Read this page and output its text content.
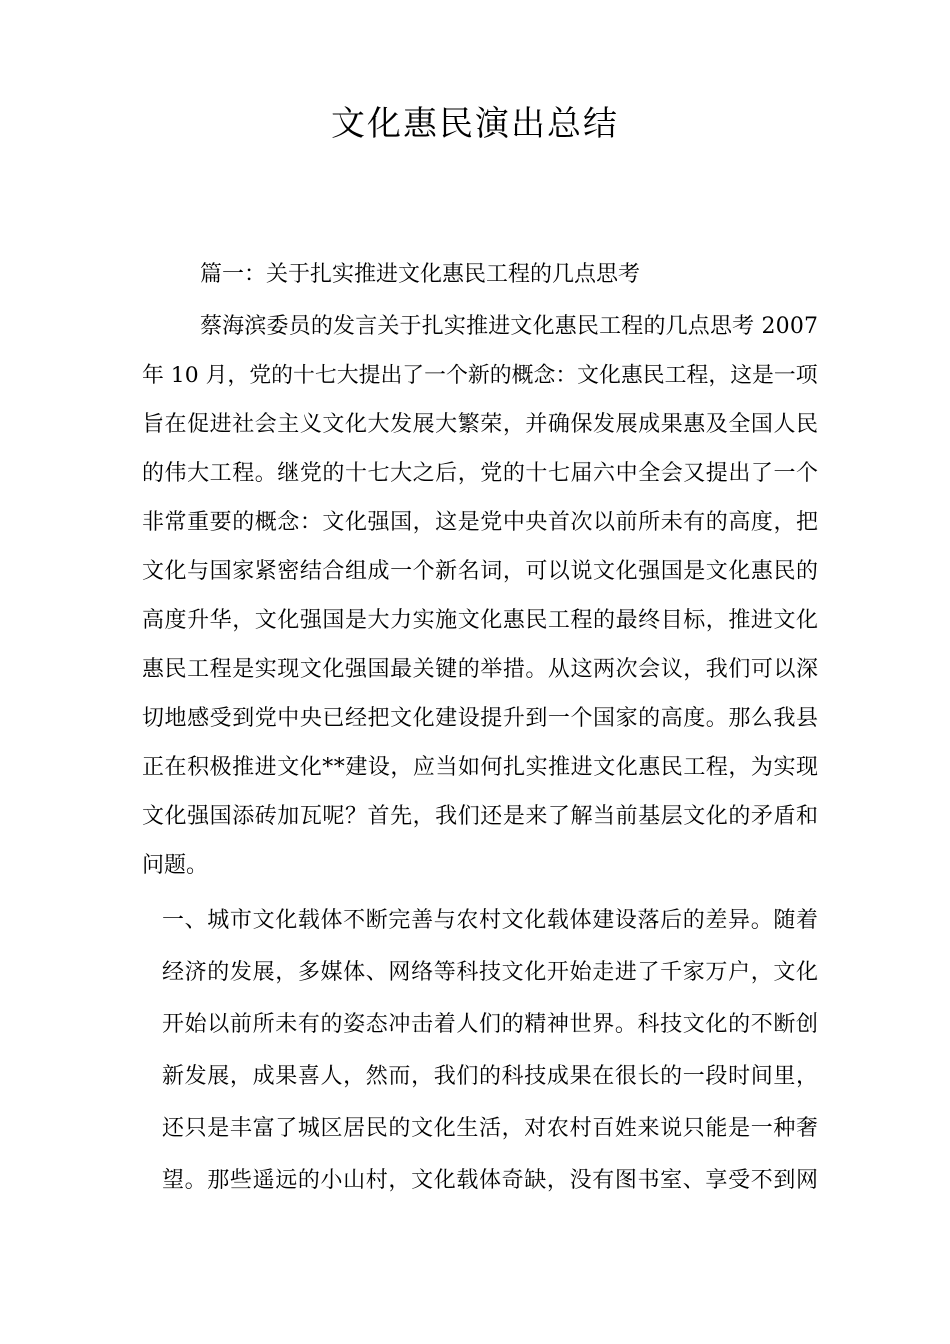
文化惠民演出总结
篇一：关于扎实推进文化惠民工程的几点思考
蔡海滨委员的发言关于扎实推进文化惠民工程的几点思考 2007
年 10 月，党的十七大提出了一个新的概念：文化惠民工程，这是一项
旨在促进社会主义文化大发展大繁荣，并确保发展成果惠及全国人民
的伟大工程。继党的十七大之后，党的十七届六中全会又提出了一个
非常重要的概念：文化强国，这是党中央首次以前所未有的高度，把
文化与国家紧密结合组成一个新名词，可以说文化强国是文化惠民的
高度升华，文化强国是大力实施文化惠民工程的最终目标，推进文化
惠民工程是实现文化强国最关键的举措。从这两次会议，我们可以深
切地感受到党中央已经把文化建设提升到一个国家的高度。那么我县
正在积极推进文化**建设，应当如何扎实推进文化惠民工程，为实现
文化强国添砖加瓦呢？首先，我们还是来了解当前基层文化的矛盾和
问题。
一、城市文化载体不断完善与农村文化载体建设落后的差异。随着
经济的发展，多媒体、网络等科技文化开始走进了千家万户，文化
开始以前所未有的姿态冲击着人们的精神世界。科技文化的不断创
新发展，成果喜人，然而，我们的科技成果在很长的一段时间里，
还只是丰富了城区居民的文化生活，对农村百姓来说只能是一种奢
望。那些遥远的小山村，文化载体奇缺，没有图书室、享受不到网
